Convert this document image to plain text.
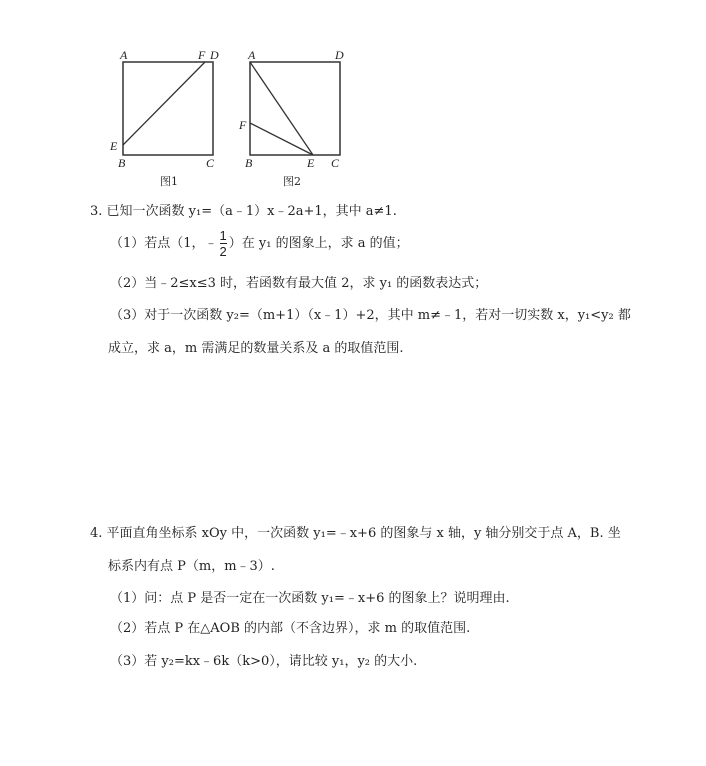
A	F D
E
B	C
图1
A	D
F
B	E C
图2
3. 已知一次函数 y₁=（a﹣1）x﹣2a+1，其中 a≠1.
（1）若点（1，﹣ $\frac{1}{2}$ ）在 y₁ 的图象上，求 a 的值；
（2）当﹣2≤x≤3 时，若函数有最大值 2，求 y₁ 的函数表达式；
（3）对于一次函数 y₂=（m+1）（x﹣1）+2，其中 m≠﹣1，若对一切实数 x，y₁<y₂ 都
成立，求 a，m 需满足的数量关系及 a 的取值范围.
4. 平面直角坐标系 xOy 中，一次函数 y₁=﹣x+6 的图象与 x 轴，y 轴分别交于点 A，B. 坐
标系内有点 P（m，m﹣3）.
（1）问：点 P 是否一定在一次函数 y₁=﹣x+6 的图象上？说明理由.
（2）若点 P 在△AOB 的内部（不含边界），求 m 的取值范围.
（3）若 y₂=kx﹣6k（k>0），请比较 y₁，y₂ 的大小.
